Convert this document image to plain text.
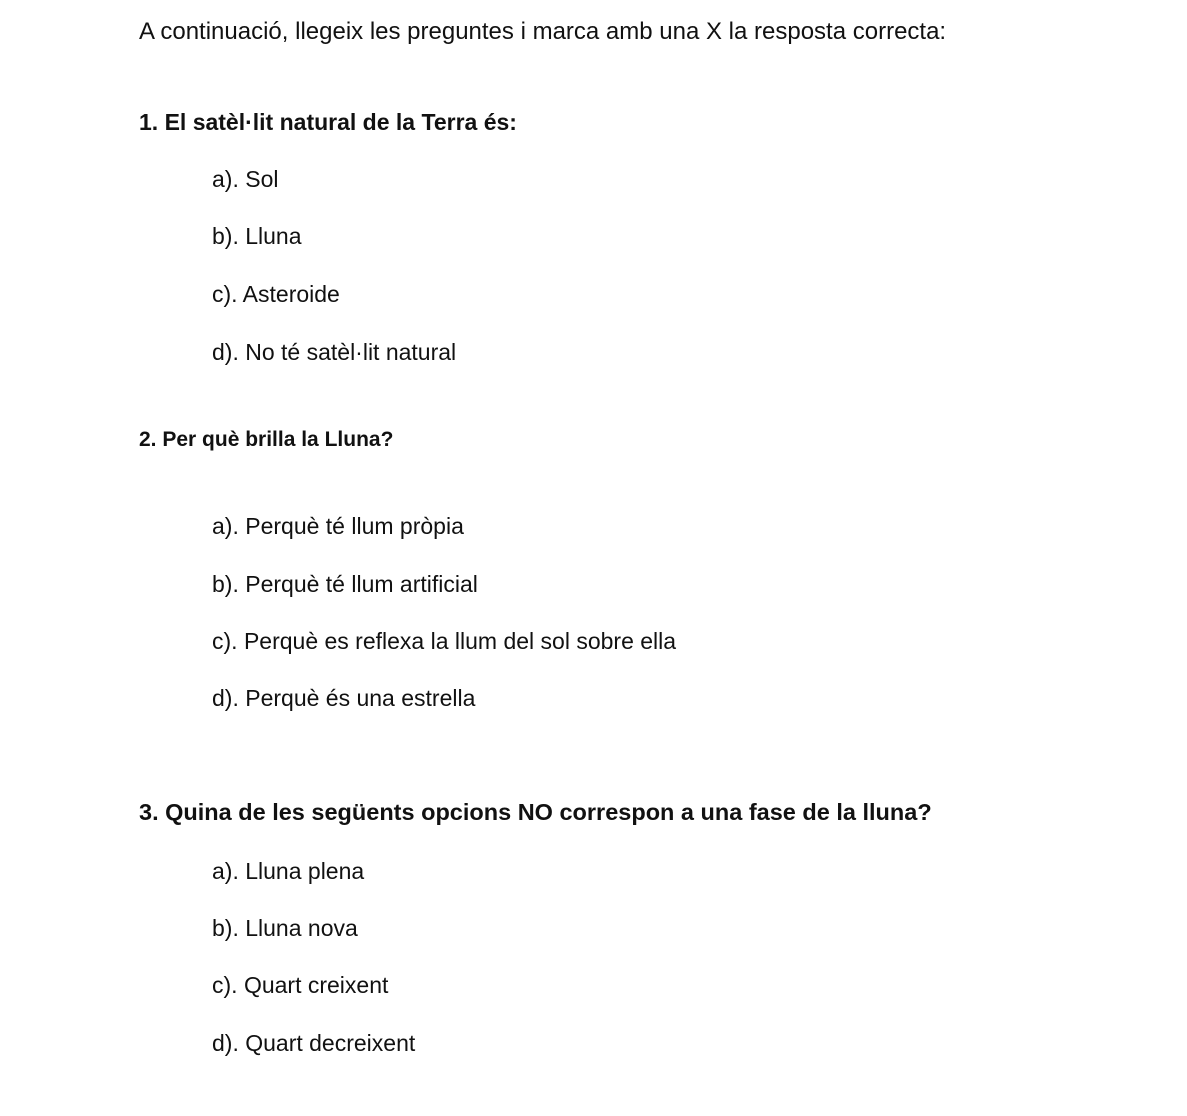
A continuació, llegeix les preguntes i marca amb una X la resposta correcta:
1. El satèl·lit natural de la Terra és:
a). Sol
b). Lluna
c). Asteroide
d). No té satèl·lit natural
2. Per què brilla la Lluna?
a). Perquè té llum pròpia
b). Perquè té llum artificial
c). Perquè es reflexa la llum del sol sobre ella
d). Perquè és una estrella
3. Quina de les següents opcions NO correspon a una fase de la lluna?
a). Lluna plena
b). Lluna nova
c). Quart creixent
d). Quart decreixent
